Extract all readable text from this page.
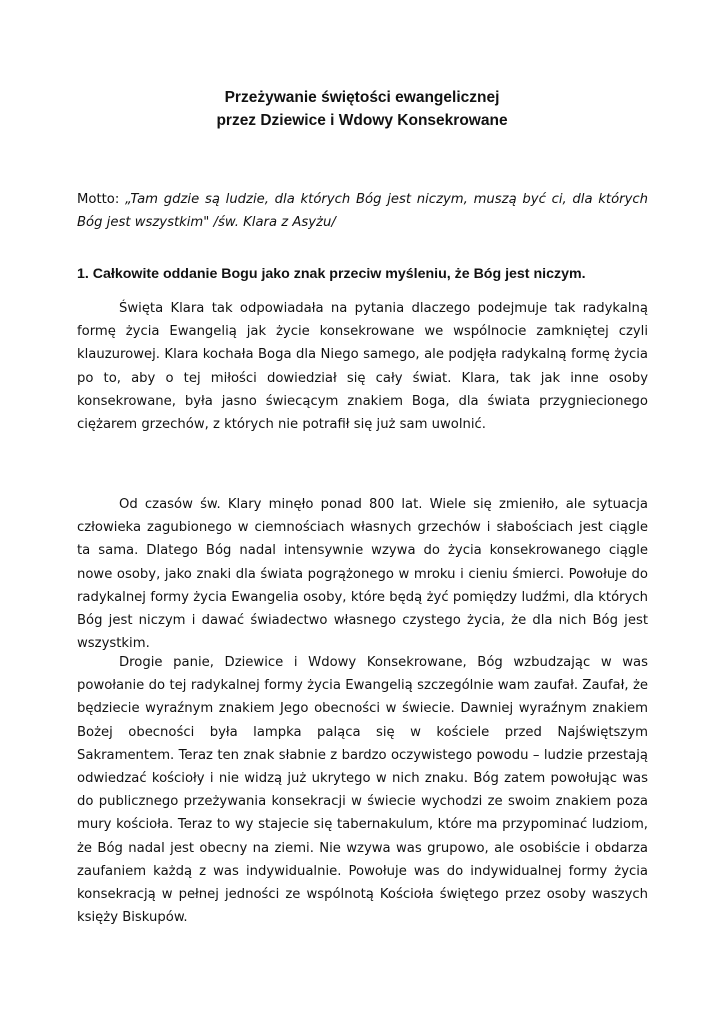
Przeżywanie świętości ewangelicznej
przez Dziewice i Wdowy Konsekrowane
Motto: „Tam gdzie są ludzie, dla których Bóg jest niczym, muszą być ci, dla których Bóg jest wszystkim" /św. Klara z Asyżu/
1. Całkowite oddanie Bogu jako znak przeciw myśleniu, że Bóg jest niczym.

Święta Klara tak odpowiadała na pytania dlaczego podejmuje tak radykalną formę życia Ewangelią jak życie konsekrowane we wspólnocie zamkniętej czyli klauzurowej. Klara kochała Boga dla Niego samego, ale podjęła radykalną formę życia po to, aby o tej miłości dowiedział się cały świat. Klara, tak jak inne osoby konsekrowane, była jasno świecącym znakiem Boga, dla świata przygniecionego ciężarem grzechów, z których nie potrafił się już sam uwolnić.

Od czasów św. Klary minęło ponad 800 lat. Wiele się zmieniło, ale sytuacja człowieka zagubionego w ciemnościach własnych grzechów i słabościach jest ciągle ta sama. Dlatego Bóg nadal intensywnie wzywa do życia konsekrowanego ciągle nowe osoby, jako znaki dla świata pogrążonego w mroku i cieniu śmierci. Powołuje do radykalnej formy życia Ewangelia osoby, które będą żyć pomiędzy ludźmi, dla których Bóg jest niczym i dawać świadectwo własnego czystego życia, że dla nich Bóg jest wszystkim.

Drogie panie, Dziewice i Wdowy Konsekrowane, Bóg wzbudzając w was powołanie do tej radykalnej formy życia Ewangelią szczególnie wam zaufał. Zaufał, że będziecie wyraźnym znakiem Jego obecności w świecie. Dawniej wyraźnym znakiem Bożej obecności była lampka paląca się w kościele przed Najświętszym Sakramentem. Teraz ten znak słabnie z bardzo oczywistego powodu – ludzie przestają odwiedzać kościoły i nie widzą już ukrytego w nich znaku. Bóg zatem powołując was do publicznego przeżywania konsekracji w świecie wychodzi ze swoim znakiem poza mury kościoła. Teraz to wy stajecie się tabernakulum, które ma przypominać ludziom, że Bóg nadal jest obecny na ziemi. Nie wzywa was grupowo, ale osobiście i obdarza zaufaniem każdą z was indywidualnie. Powołuje was do indywidualnej formy życia konsekracją w pełnej jedności ze wspólnotą Kościoła świętego przez osoby waszych księży Biskupów.
